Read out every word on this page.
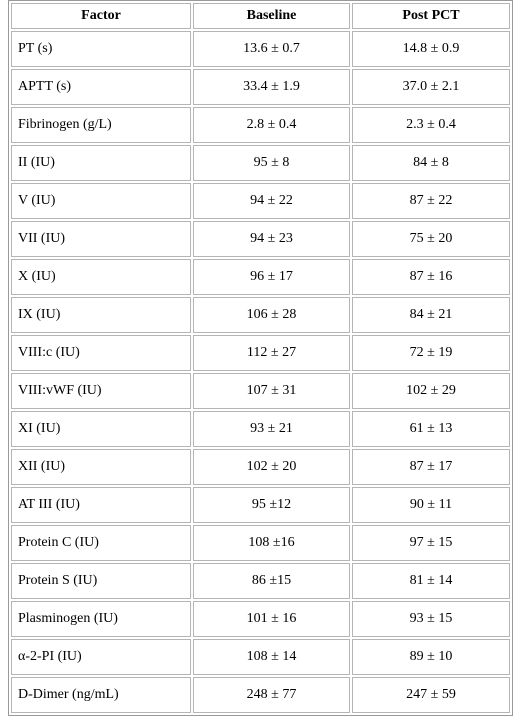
Factor	Baseline	Post PCT
PT (s)	13.6 ± 0.7	14.8 ± 0.9
APTT (s)	33.4 ± 1.9	37.0 ± 2.1
Fibrinogen (g/L)	2.8 ± 0.4	2.3 ± 0.4
II (IU)	95 ± 8	84 ± 8
V (IU)	94 ± 22	87 ± 22
VII (IU)	94 ± 23	75 ± 20
X (IU)	96 ± 17	87 ± 16
IX (IU)	106 ± 28	84 ± 21
VIII:c (IU)	112 ± 27	72 ± 19
VIII:vWF (IU)	107 ± 31	102 ± 29
XI (IU)	93 ± 21	61 ± 13
XII (IU)	102 ± 20	87 ± 17
AT III (IU)	95 ±12	90 ± 11
Protein C (IU)	108 ±16	97 ± 15
Protein S (IU)	86 ±15	81 ± 14
Plasminogen (IU)	101 ± 16	93 ± 15
α-2-PI (IU)	108 ± 14	89 ± 10
D-Dimer (ng/mL)	248 ± 77	247 ± 59
